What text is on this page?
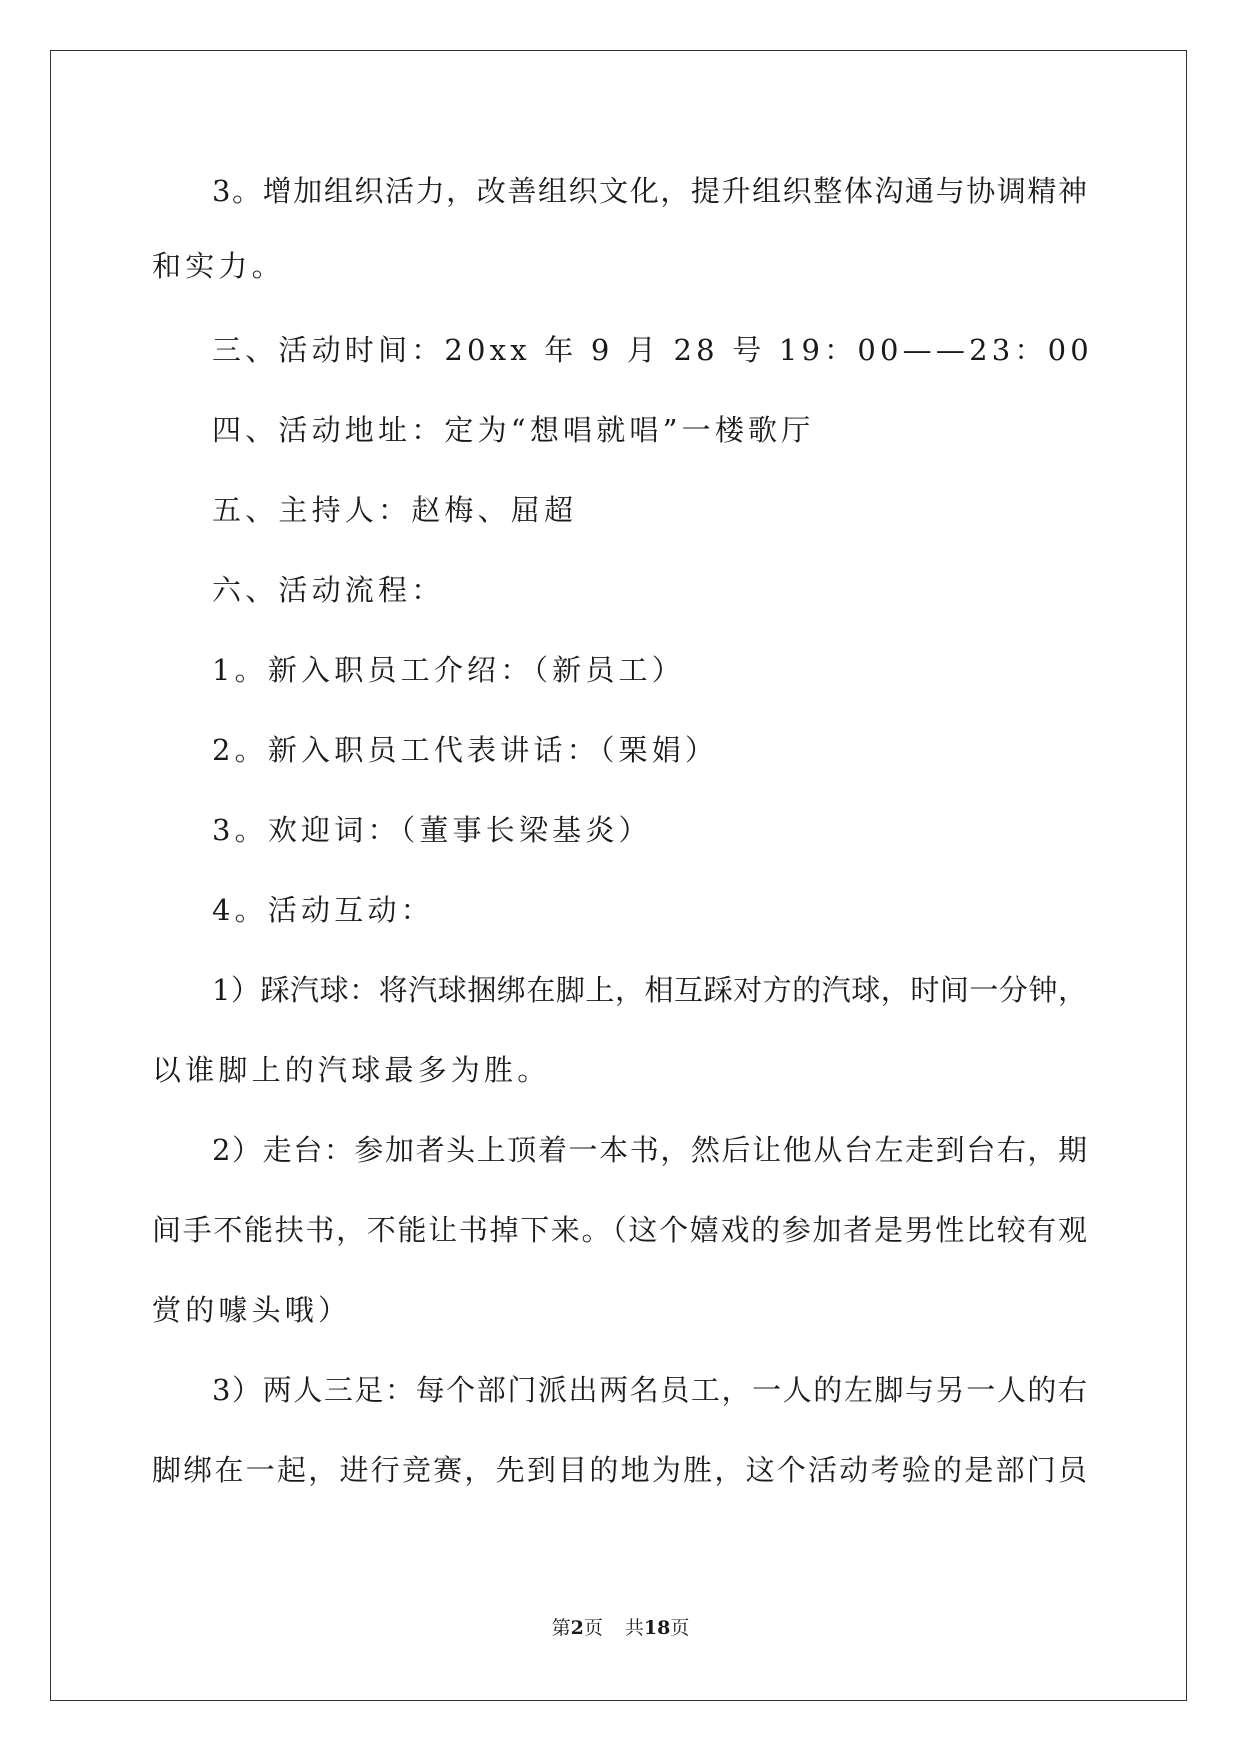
3。增加组织活力，改善组织文化，提升组织整体沟通与协调精神
和实力。
三、活动时间：20xx 年 9 月 28 号 19：00——23：00
四、活动地址：定为“想唱就唱”一楼歌厅
五、主持人：赵梅、屈超
六、活动流程：
1。新入职员工介绍：（新员工）
2。新入职员工代表讲话：（栗娟）
3。欢迎词：（董事长梁基炎）
4。活动互动：
1）踩汽球：将汽球捆绑在脚上，相互踩对方的汽球，时间一分钟，
以谁脚上的汽球最多为胜。
2）走台：参加者头上顶着一本书，然后让他从台左走到台右，期
间手不能扶书，不能让书掉下来。（这个嬉戏的参加者是男性比较有观
赏的噱头哦）
3）两人三足：每个部门派出两名员工，一人的左脚与另一人的右
脚绑在一起，进行竞赛，先到目的地为胜，这个活动考验的是部门员
第2页 共18页
